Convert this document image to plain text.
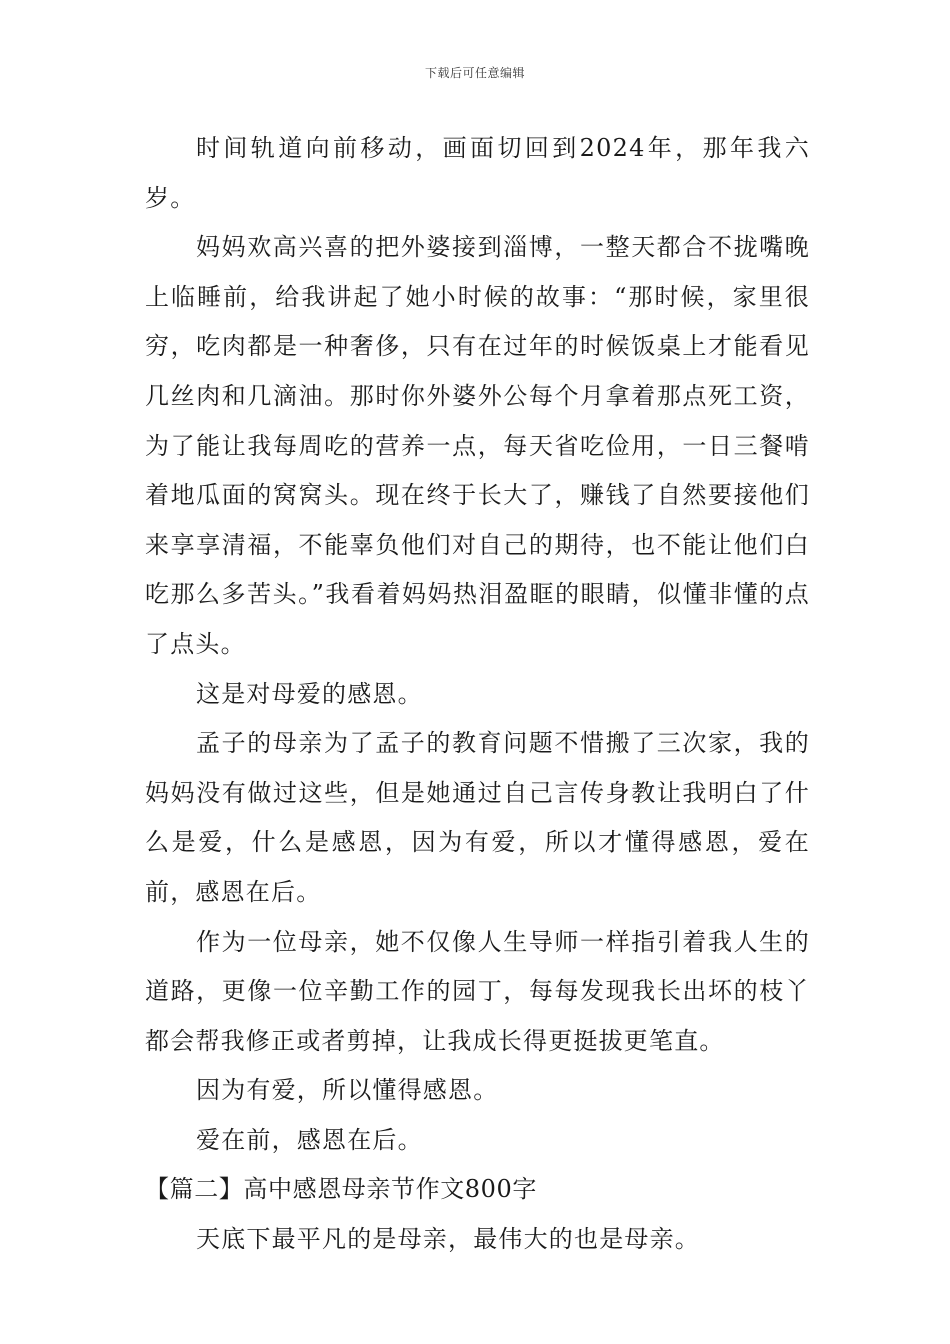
下载后可任意编辑

时间轨道向前移动，画面切回到2024年，那年我六岁。

妈妈欢高兴喜的把外婆接到淄博，一整天都合不拢嘴晚上临睡前，给我讲起了她小时候的故事：“那时候，家里很穷，吃肉都是一种奢侈，只有在过年的时候饭桌上才能看见几丝肉和几滴油。那时你外婆外公每个月拿着那点死工资，为了能让我每周吃的营养一点，每天省吃俭用，一日三餐啃着地瓜面的窝窝头。现在终于长大了，赚钱了自然要接他们来享享清福，不能辜负他们对自己的期待，也不能让他们白吃那么多苦头。”我看着妈妈热泪盈眶的眼睛，似懂非懂的点了点头。

这是对母爱的感恩。

孟子的母亲为了孟子的教育问题不惜搬了三次家，我的妈妈没有做过这些，但是她通过自己言传身教让我明白了什么是爱，什么是感恩，因为有爱，所以才懂得感恩，爱在前，感恩在后。

作为一位母亲，她不仅像人生导师一样指引着我人生的道路，更像一位辛勤工作的园丁，每每发现我长出坏的枝丫都会帮我修正或者剪掉，让我成长得更挺拔更笔直。

因为有爱，所以懂得感恩。

爱在前，感恩在后。

【篇二】高中感恩母亲节作文800字

天底下最平凡的是母亲，最伟大的也是母亲。
